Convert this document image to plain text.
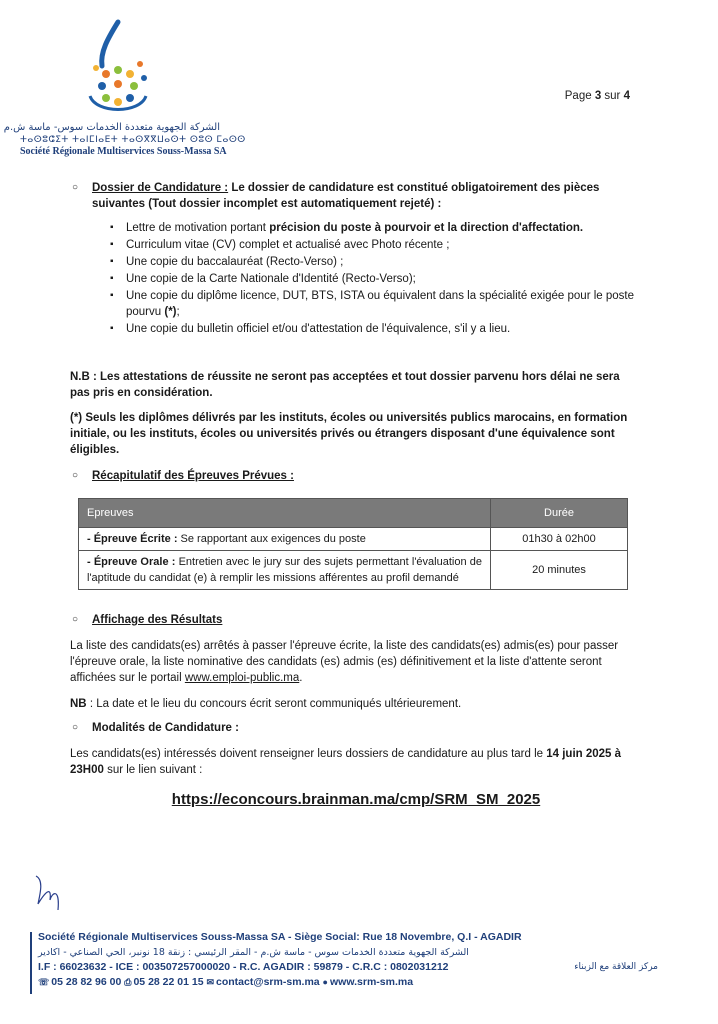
الشركة الجهوية متعددة الخدمات سوس- ماسة ش.م
ⵜⴰⵙⵓⵛⵉⵜ ⵜⴰⵏⵎⵏⴰⴹⵜ ⵜⴰⵙⴳⴳⵡⴰⵙⵜ ⵙⵓⵙ ⵎⴰⵙⵙ
Société Régionale Multiservices Souss-Massa SA
Page 3 sur 4
○ Dossier de Candidature : Le dossier de candidature est constitué obligatoirement des pièces suivantes (Tout dossier incomplet est automatiquement rejeté) :
▪ Lettre de motivation portant précision du poste à pourvoir et la direction d'affectation.
▪ Curriculum vitae (CV) complet et actualisé avec Photo récente ;
▪ Une copie du baccalauréat (Recto-Verso) ;
▪ Une copie de la Carte Nationale d'Identité (Recto-Verso);
▪ Une copie du diplôme licence, DUT, BTS, ISTA ou équivalent dans la spécialité exigée pour le poste pourvu (*);
▪ Une copie du bulletin officiel et/ou d'attestation de l'équivalence, s'il y a lieu.

N.B : Les attestations de réussite ne seront pas acceptées et tout dossier parvenu hors délai ne sera pas pris en considération.

(*) Seuls les diplômes délivrés par les instituts, écoles ou universités publics marocains, en formation initiale, ou les instituts, écoles ou universités privés ou étrangers disposant d'une équivalence sont éligibles.

○ Récapitulatif des Épreuves Prévues :
Epreuves	Durée
- Épreuve Écrite : Se rapportant aux exigences du poste	01h30 à 02h00
- Épreuve Orale : Entretien avec le jury sur des sujets permettant l'évaluation de l'aptitude du candidat (e) à remplir les missions afférentes au profil demandé	20 minutes
○ Affichage des Résultats

La liste des candidats(es) arrêtés à passer l'épreuve écrite, la liste des candidats(es) admis(es) pour passer l'épreuve orale, la liste nominative des candidats (es) admis (es) définitivement et la liste d'attente seront affichées sur le portail www.emploi-public.ma.

NB : La date et le lieu du concours écrit seront communiqués ultérieurement.

○ Modalités de Candidature :

Les candidats(es) intéressés doivent renseigner leurs dossiers de candidature au plus tard le 14 juin 2025 à 23H00 sur le lien suivant :

https://econcours.brainman.ma/cmp/SRM_SM_2025

Société Régionale Multiservices Souss-Massa SA - Siège Social: Rue 18 Novembre, Q.I - AGADIR
الشركة الجهوية متعددة الخدمات سوس - ماسة ش.م - المقر الرئيسي : زنقة 18 نونبر، الحي الصناعي - اكادير
I.F : 66023632 - ICE : 003507257000020 - R.C. AGADIR : 59879 - C.R.C : 0802031212	مركز العلاقة مع الزبناء
☏ 05 28 82 96 00 ⎙ 05 28 22 01 15 ✉ contact@srm-sm.ma ● www.srm-sm.ma
